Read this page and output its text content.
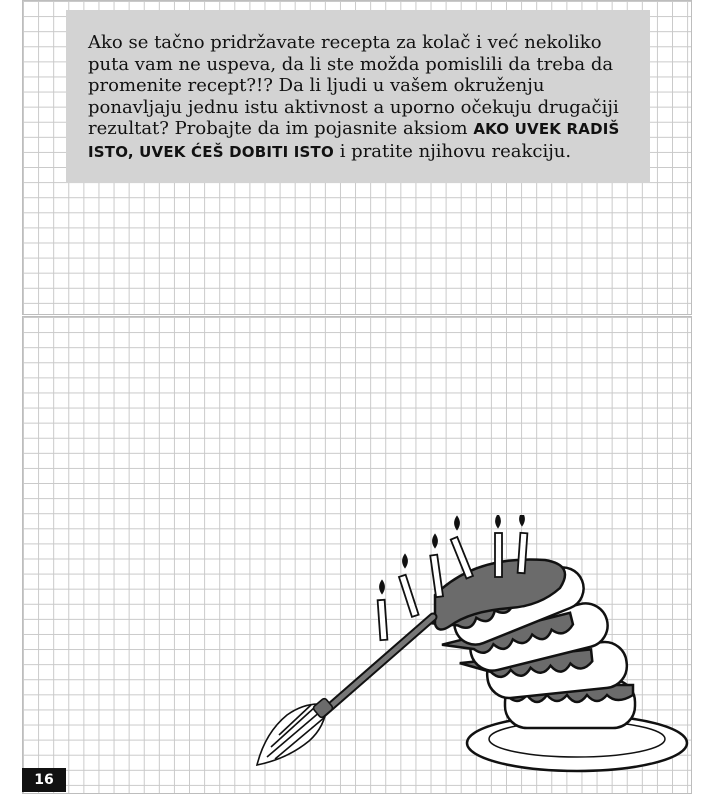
Ako se tačno pridržavate recepta za kolač i već nekoliko puta vam ne uspeva, da li ste možda pomislili da treba da promenite recept?!? Da li ljudi u vašem okruženju ponavljaju jednu istu aktivnost a uporno očekuju drugačiji rezultat? Probajte da im pojasnite aksiom AKO UVEK RADIŠ ISTO, UVEK ĆEŠ DOBITI ISTO i pratite njihovu reakciju.
16
